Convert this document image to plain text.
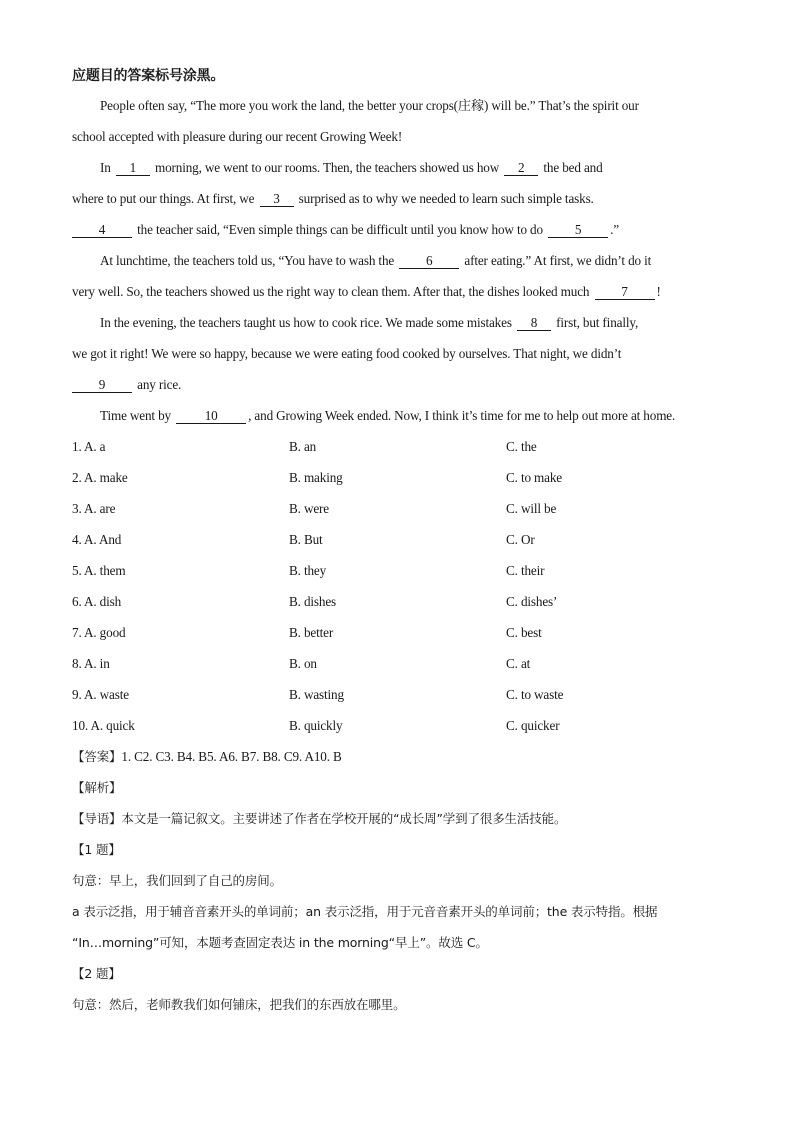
应题目的答案标号涂黑。
People often say, “The more you work the land, the better your crops(庄稼) will be.” That’s the spirit our
school accepted with pleasure during our recent Growing Week!
In 1 morning, we went to our rooms. Then, the teachers showed us how 2 the bed and
where to put our things. At first, we 3 surprised as to why we needed to learn such simple tasks.
4 the teacher said, “Even simple things can be difficult until you know how to do 5 .”
At lunchtime, the teachers told us, “You have to wash the 6 after eating.” At first, we didn’t do it
very well. So, the teachers showed us the right way to clean them. After that, the dishes looked much 7 !
In the evening, the teachers taught us how to cook rice. We made some mistakes 8 first, but finally,
we got it right! We were so happy, because we were eating food cooked by ourselves. That night, we didn’t
9 any rice.
Time went by 10 , and Growing Week ended. Now, I think it’s time for me to help out more at home.
1. A. a	B. an	C. the
2. A. make	B. making	C. to make
3. A. are	B. were	C. will be
4. A. And	B. But	C. Or
5. A. them	B. they	C. their
6. A. dish	B. dishes	C. dishes’
7. A. good	B. better	C. best
8. A. in	B. on	C. at
9. A. waste	B. wasting	C. to waste
10. A. quick	B. quickly	C. quicker
【答案】1. C2. C3. B4. B5. A6. B7. B8. C9. A10. B
【解析】
【导语】本文是一篇记叙文。主要讲述了作者在学校开展的“成长周”学到了很多生活技能。
【1 题】
句意：早上，我们回到了自己的房间。
a 表示泛指，用于辅音音素开头的单词前；an 表示泛指，用于元音音素开头的单词前；the 表示特指。根据
“In…morning”可知，本题考查固定表达 in the morning“早上”。故选 C。
【2 题】
句意：然后，老师教我们如何铺床，把我们的东西放在哪里。
